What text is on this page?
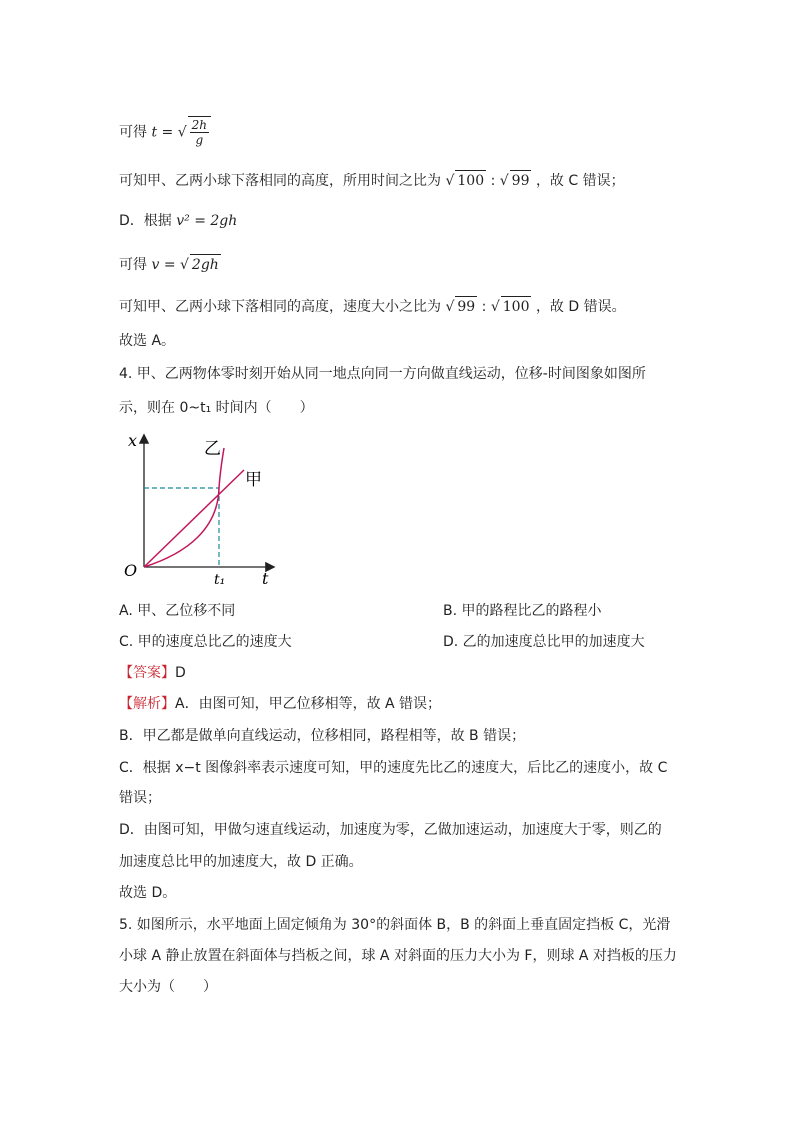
可得 t = √ $\frac{2h}{g}$
可知甲、乙两小球下落相同的高度，所用时间之比为 √ 100 : √ 99 ，故 C 错误；
D．根据 v² = 2gh
可得 v = √ 2gh
可知甲、乙两小球下落相同的高度，速度大小之比为 √ 99 : √ 100 ，故 D 错误。
故选 A。
4. 甲、乙两物体零时刻开始从同一地点向同一方向做直线运动，位移-时间图象如图所
示，则在 0~t₁ 时间内（　　）
x
t
O	t₁
乙
甲
A. 甲、乙位移不同	B. 甲的路程比乙的路程小
C. 甲的速度总比乙的速度大	D. 乙的加速度总比甲的加速度大
【答案】D
【解析】A．由图可知，甲乙位移相等，故 A 错误；
B．甲乙都是做单向直线运动，位移相同，路程相等，故 B 错误；
C．根据 x−t 图像斜率表示速度可知，甲的速度先比乙的速度大，后比乙的速度小，故 C
错误；
D．由图可知，甲做匀速直线运动，加速度为零，乙做加速运动，加速度大于零，则乙的
加速度总比甲的加速度大，故 D 正确。
故选 D。
5. 如图所示，水平地面上固定倾角为 30°的斜面体 B，B 的斜面上垂直固定挡板 C，光滑
小球 A 静止放置在斜面体与挡板之间，球 A 对斜面的压力大小为 F，则球 A 对挡板的压力
大小为（　　）
